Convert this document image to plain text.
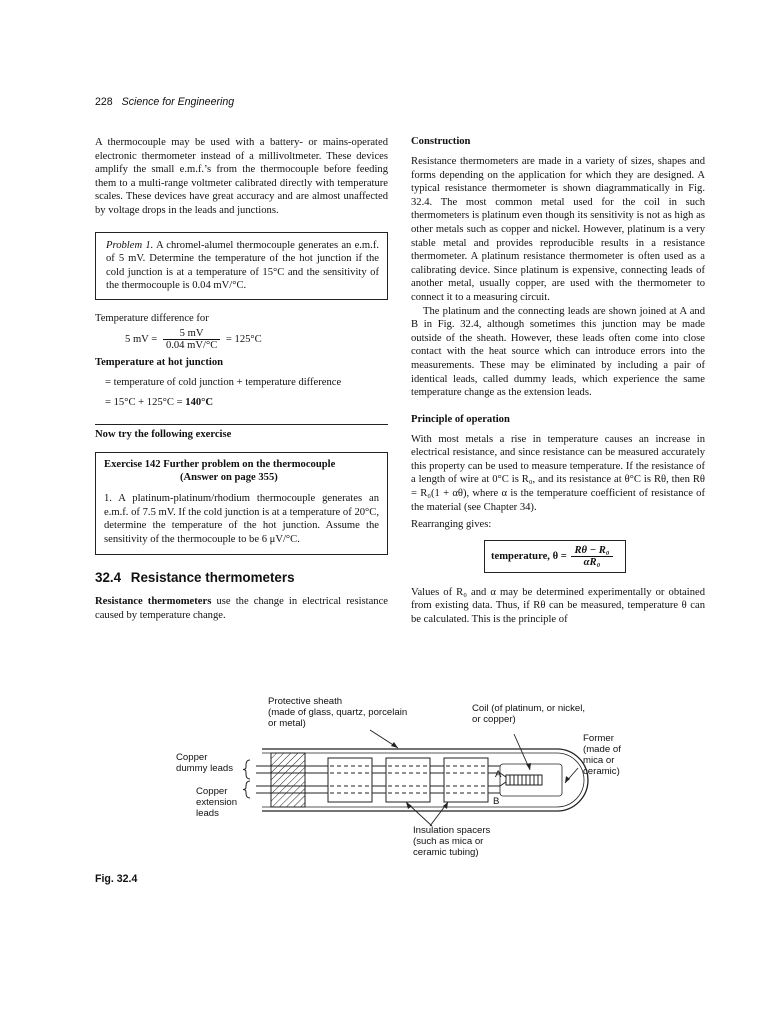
228 Science for Engineering

A thermocouple may be used with a battery- or mains-operated electronic thermometer instead of a millivoltmeter. These devices amplify the small e.m.f.’s from the thermocouple before feeding them to a multi-range voltmeter calibrated directly with temperature scales. These devices have great accuracy and are almost unaffected by voltage drops in the leads and junctions.

Problem 1. A chromel-alumel thermocouple generates an e.m.f. of 5 mV. Determine the temperature of the hot junction if the cold junction is at a temperature of 15°C and the sensitivity of the thermocouple is 0.04 mV/°C.

Temperature difference for

5 mV = $\frac{5 mV}{0.04 mV/^\circ C} = 125^\circ C$
Temperature at hot junction
= temperature of cold junction + temperature difference
= 15°C + 125°C = 140°C
Now try the following exercise
Exercise 142 Further problem on the thermocouple
(Answer on page 355)

1. A platinum-platinum/rhodium thermocouple generates an e.m.f. of 7.5 mV. If the cold junction is at a temperature of 20°C, determine the temperature of the hot junction. Assume the sensitivity of the thermocouple to be 6 μV/°C.

32.4 Resistance thermometers

Resistance thermometers use the change in electrical resistance caused by temperature change.

Construction

Resistance thermometers are made in a variety of sizes, shapes and forms depending on the application for which they are designed. A typical resistance thermometer is shown diagrammatically in Fig. 32.4. The most common metal used for the coil in such thermometers is platinum even though its sensitivity is not as high as other metals such as copper and nickel. However, platinum is a very stable metal and provides reproducible results in a resistance thermometer. A platinum resistance thermometer is often used as a calibrating device. Since platinum is expensive, connecting leads of another metal, usually copper, are used with the thermometer to connect it to a measuring circuit.

The platinum and the connecting leads are shown joined at A and B in Fig. 32.4, although sometimes this junction may be made outside of the sheath. However, these leads often come into close contact with the heat source which can introduce errors into the measurements. These may be eliminated by including a pair of identical leads, called dummy leads, which experience the same temperature change as the extension leads.

Principle of operation

With most metals a rise in temperature causes an increase in electrical resistance, and since resistance can be measured accurately this property can be used to measure temperature. If the resistance of a length of wire at 0°C is R₀, and its resistance at θ°C is Rθ, then Rθ = R₀(1 + αθ), where α is the temperature coefficient of resistance of the material (see Chapter 34).

Rearranging gives:

temperature, $\theta = \frac{\text{Rθ − R₀}}{\text{αR₀}}$

Values of R₀ and α may be determined experimentally or obtained from existing data. Thus, if Rθ can be measured, temperature θ can be calculated. This is the principle of

Protective sheath
(made of glass, quartz, porcelain
or metal)
Coil (of platinum, or nickel,
or copper)
Former
(made of
mica or
ceramic)
Copper
dummy leads
Copper
extension
leads
A
B
Insulation spacers
(such as mica or
ceramic tubing)
Fig. 32.4
